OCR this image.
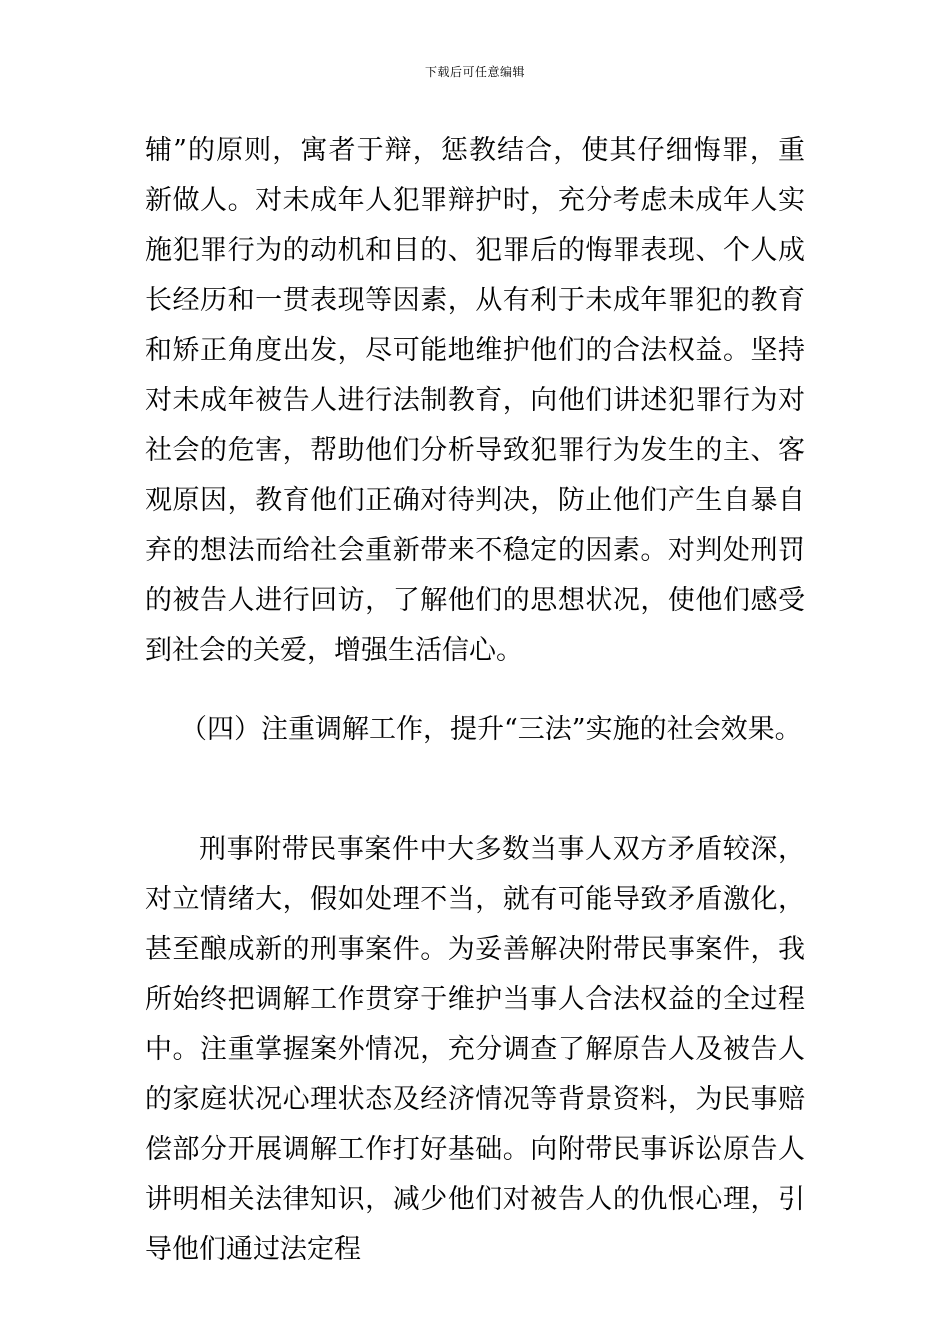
下载后可任意编辑
辅”的原则，寓者于辩，惩教结合，使其仔细悔罪，重新做人。对未成年人犯罪辩护时，充分考虑未成年人实施犯罪行为的动机和目的、犯罪后的悔罪表现、个人成长经历和一贯表现等因素，从有利于未成年罪犯的教育和矫正角度出发，尽可能地维护他们的合法权益。坚持对未成年被告人进行法制教育，向他们讲述犯罪行为对社会的危害，帮助他们分析导致犯罪行为发生的主、客观原因，教育他们正确对待判决，防止他们产生自暴自弃的想法而给社会重新带来不稳定的因素。对判处刑罚的被告人进行回访，了解他们的思想状况，使他们感受到社会的关爱，增强生活信心。
（四）注重调解工作，提升“三法”实施的社会效果。
刑事附带民事案件中大多数当事人双方矛盾较深，对立情绪大，假如处理不当，就有可能导致矛盾激化，甚至酿成新的刑事案件。为妥善解决附带民事案件，我所始终把调解工作贯穿于维护当事人合法权益的全过程中。注重掌握案外情况，充分调查了解原告人及被告人的家庭状况心理状态及经济情况等背景资料，为民事赔偿部分开展调解工作打好基础。向附带民事诉讼原告人讲明相关法律知识，减少他们对被告人的仇恨心理，引导他们通过法定程
